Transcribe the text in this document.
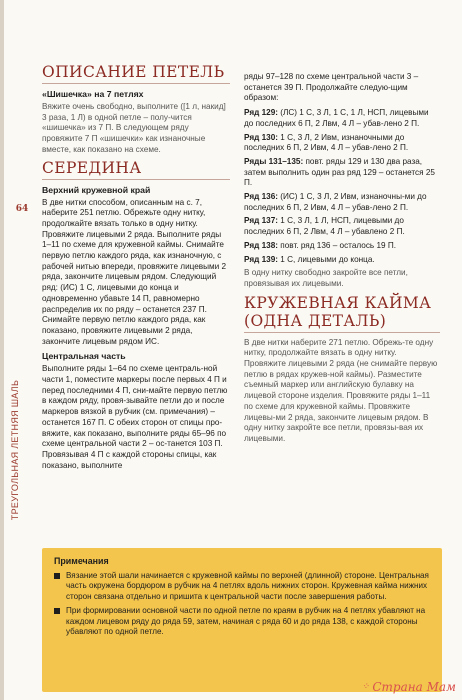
64
ТРЕУГОЛЬНАЯ ЛЕТНЯЯ ШАЛЬ
ОПИСАНИЕ ПЕТЕЛЬ
«Шишечка» на 7 петлях

Вяжите очень свободно, выполните ([1 л, накид] 3 раза, 1 Л) в одной петле – полу-чится «шишечка» из 7 П. В следующем ряду провяжите 7 П «шишечки» как изнаночные вместе, как показано на схеме.

СЕРЕДИНА
Верхний кружевной край

В две нитки способом, описанным на с. 7, наберите 251 петлю. Обрежьте одну нитку, продолжайте вязать только в одну нитку. Провяжите лицевыми 2 ряда. Выполните ряды 1–11 по схеме для кружевной каймы. Снимайте первую петлю каждого ряда, как изнаночную, с рабочей нитью впереди, провяжите лицевыми 2 ряда, закончите лицевым рядом. Следующий ряд: (ИС) 1 С, лицевыми до конца и одновременно убавьте 14 П, равномерно распределив их по ряду – останется 237 П. Снимайте первую петлю каждого ряда, как показано, провяжите лицевыми 2 ряда, закончите лицевым рядом ИС.

Центральная часть

Выполните ряды 1–64 по схеме централь-ной части 1, поместите маркеры после первых 4 П и перед последними 4 П, сни-майте первую петлю в каждом ряду, провя-зывайте петли до и после маркеров вязкой в рубчик (см. примечания) – останется 167 П. С обеих сторон от спицы про-вяжите, как показано, выполните ряды 65–96 по схеме центральной части 2 – ос-танется 103 П. Провязывая 4 П с каждой стороны спицы, как показано, выполните

ряды 97–128 по схеме центральной части 3 – останется 39 П. Продолжайте следую-щим образом:

Ряд 129: (ЛС) 1 С, 3 Л, 1 С, 1 Л, НСП, лицевыми до последних 6 П, 2 Лвм, 4 Л – убав-лено 2 П.
Ряд 130: 1 С, 3 Л, 2 Ивм, изнаночными до последних 6 П, 2 Ивм, 4 Л – убав-лено 2 П.
Ряды 131–135: повт. ряды 129 и 130 два раза, затем выполнить один раз ряд 129 – останется 25 П.
Ряд 136: (ИС) 1 С, 3 Л, 2 Ивм, изнаночны-ми до последних 6 П, 2 Ивм, 4 Л – убав-лено 2 П.
Ряд 137: 1 С, 3 Л, 1 Л, НСП, лицевыми до последних 6 П, 2 Лвм, 4 Л – убавлено 2 П.
Ряд 138: повт. ряд 136 – осталось 19 П.
Ряд 139: 1 С, лицевыми до конца.

В одну нитку свободно закройте все петли, провязывая их лицевыми.

КРУЖЕВНАЯ КАЙМА (ОДНА ДЕТАЛЬ)

В две нитки наберите 271 петлю. Обрежь-те одну нитку, продолжайте вязать в одну нитку. Провяжите лицевыми 2 ряда (не снимайте первую петлю в рядах кружев-ной каймы). Разместите съемный маркер или английскую булавку на лицевой стороне изделия. Провяжите ряды 1–11 по схеме для кружевной каймы. Провяжите лицевы-ми 2 ряда, закончите лицевым рядом. В одну нитку закройте все петли, провязы-вая их лицевыми.

Примечания
Вязание этой шали начинается с кружевной каймы по верхней (длинной) стороне. Центральная часть окружена бордюром в рубчик на 4 петлях вдоль нижних сторон. Кружевная кайма нижних сторон связана отдельно и пришита к центральной части после завершения работы.
При формировании основной части по одной петле по краям в рубчик на 4 петлях убавляют на каждом лицевом ряду до ряда 59, затем, начиная с ряда 60 и до ряда 138, с каждой стороны убавляют по одной петле.
⁘ Страна Мам
